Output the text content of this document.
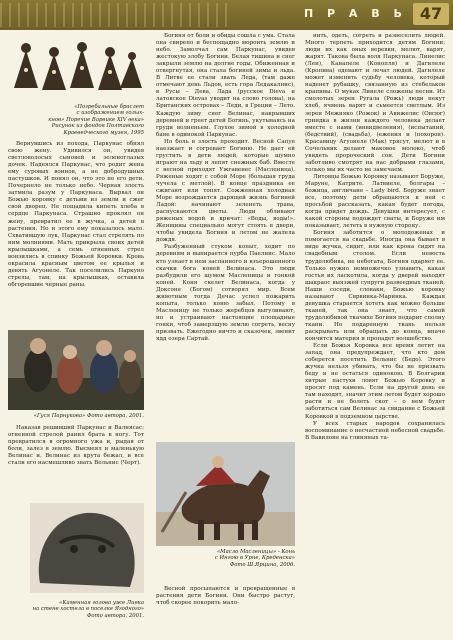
П Р А В Ь 47
«Погребальные браслет
с изображением голых-
кнов» Поречие Варвике XIV века»
Рисунок из фондов Полтавского
Краеведческого музея, 1995

Вернувшись из похода, Паркунас обнял свою жену. Удивился он, увидев светловолосых сыновей и зеленоглазых дочек. Надеялся Паркунас, что родит жена ему суровых воинов, а не добродушных пастушков. И понял он, что это не его дети. Почернело не только небо. Черная злость затмила разум у Паркунаса. Вырвал он Божью коровку с детьми из земли и сжег свой дворец. Не пощадила кипеть хлеба в сердце Паркунаса. Страшно проклял он жену, превратил ее в жучка, а детей в растения. Но и этого ему показалось мало. Схватившую лук, Паркунас стал стрелять по ним молниями. Мать прикрыла своих детей крылышками, а семь огненных стрел вонзились в спинку Божьей Коровки. Кровь окрасила красным цветом ее крылья и девять Агуонеле. Так поселились Паркуно стрелы, там, на крылышках, оставила обгоревшие черные раны.

«Гуся Парнукова» Фото автора, 2001.

Наказав решивший Паркунас и Валнясас: огненной стрелой ранил братa в ногу. Тот превратился в огромного ужа и, рыдая от боли, залез в землю. Высмеял и маленькую Велинас и. Велинас из крута бежал, и все стали его насмешливо звать Вельнис (Черт).

«Каменная голова уже Ливка
на стене хостела в поселке Ягодного»
Фото автора, 2001.

Богиня от боли и обиды сошла с ума. Стала она свирепо и беспощадно мороить землю и небо. Замолчал сам Паркунас, увидев жестокую злобу Богини. Белая тишина и снег закрыли землю на долгие годы. Обиженная и отвергнутая, она стала богиней зимы и льда. В Литве ее стали звать Леда, (там даже отмечают день Льдов, есть гора Ледакалнис), в Русы – Дева, Ладa (русское Dieva и латовское Dievas уводит на слово голова), на Британских островах – Леди, в Греции – Лето. Каждую зиму снег Велинас, накрывших деревней и греет детей Богинь, укутываясь на груди волненьем. Глухое зимой в холодной бане в одинокой Паркунас.

Но боль в злость проходит. Весной Сапуе наезжает и согревает Богиню. Не дает ей грустить в дети людей, которые шумно играют на льду и лепят снежных баб. Вместе с весной приходят Ужгавенес (Масленица). Ряженые ходят с собой Море (большая груда чучела с метлой). В конце праздника ее сжигают или топят. Сожженная холодная Море возрождается дарящей жизнь богиней Ладой: начинают зеленеть трава, распускаются цветы. Люди обливают ряженых водой и кричат: «Воды, воды!». Женщины специально могут стоять в двери, чтобы увидела Богиня и летом не жалела дождя.

Разбуженный стуком копыт, ходит по деревням и выпирается пурба Паелнис. Мало кто узнает в нем заспанного и взъерошенного скачки бога коней Велинаса. Это люди разбудили его шумом Масленицы и гонкой коней. Коня скелет Велинаса, когда у Доксонe (Богом) сотворял мир. Всем животным тогда Дечас успел пожарить копыта, только коню забыл. Потому в Масленицу не только жеребцов выгуливают, но и устраивают настоящие площадные гонки, чтоб замерзшую землю согреть, весну призвать. Ежегодно ничто и сказочек, звенит ядд озера Сартай.

«Масло Масленицы» - Конь
с Ингою в Урне, Креденска»
Фото Ш.Ярцина, 2006.

Весной просыпаются и превращенные в растения дети Богини. Они быстро растут, чтоб скорее покорить мало-

нить, одеть, согреть и развеселить людей. Много терпеть приходится детям Богини: люди их как оных веревки, мелют, варят, жарят. Такова была воля Паркунаса. Линелис (Лен), Канапеле (Конопля) и Дагилеле (Кропива) одевают и лечат людей. Дагилеле может изменить судьбу человека, который наденет рубашку, связанную из стебельков крапивы. О муках Линеле сложены песни. Из смолотых зерен Ругала (Рожь) люди пекут хлеб, ячмень варят и сьмеется светлым. Из зерен Межияко (Рожок) и Авижелис (Овсюг) гриндка в жизни каждого человека делает вместе с нами (инвидвеления), (испытаний, (бедствий), (свадьба), (ежения и (похорон). Красавицу Агуонеле (Мак) трясут, мелют и в Сочельник делают маковое молоко, чтоб увидеть пророческий сон. Дети Богини заботливо смотрят на нас добрыми глазами, только мы их часто не замечаем.

Литовцы Божью Коровку называют Боружe, Маруне, Катрите. Латвиеле, болгары – божица, англичане – Lady bird. Боружe знает все, поэтому дети обращаются к ней с просьбой рассказать, какая будет погода, когда придет дождь. Девушки интересует, с какой стороны подождет сваты, и Боружe им показывает, лететь в нужную сторону.

Богиня заботится о молодоженах и помогается на свадьбе. Иногда она бывает в виде жучка, сидит, или как крона сидят на свадебным столом. Если невеста трудолюбива, не небогата, Богиня одаряет ее. Только нужно немножечко узнавить, какая гостья их ласкотила, когда у дверей находят шакраос выязжей супруги развеедных тканей. Наши соседи, словаки, Божью коровку называют Сврвинка-Маринка. Каждая девушка старается хотеть как можно больше тканей, так она знает, что самой трудолюбивой ткачихе Богиня подарит сполну ткани. Но подаренную ткань нельзя раскрывать или обращать до конца, иначе кончится материя и пропадет волшебство.

Если Божья Коровка все время летит на запад, она предупреждает, что кто дом соберется посетить Вельнис (Бедо). Этого жучка нельзя убивать, что бы не призвать беду и не остаться одинокою. В Болгарии хитрые пастухи ловят Божью Коровку и просят под камень. Если на другой день ее там находят, значит этим летом будет хорошо расти и не болеть скот – о нем будет заботиться сам Велинас за свидание с Божьей Коровкой в подземном царстве.

У всех старых народов сохранилась воспоминание о несчастной небесной свадьбе. В Вавилоне на глиняных та-
